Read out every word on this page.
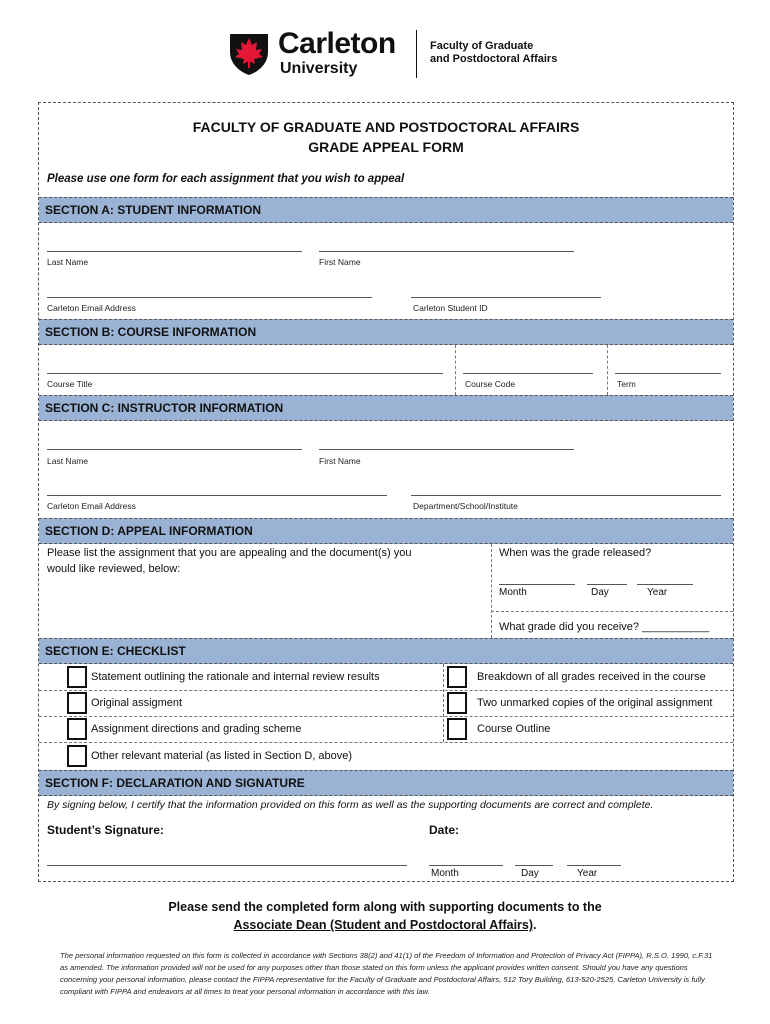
Carleton
University
Faculty of Graduate
and Postdoctoral Affairs
FACULTY OF GRADUATE AND POSTDOCTORAL AFFAIRS
GRADE APPEAL FORM
Please use one form for each assignment that you wish to appeal
SECTION A: STUDENT INFORMATION
Last Name	First Name
Carleton Email Address	Carleton Student ID
SECTION B: COURSE INFORMATION
Course Title	Course Code	Term
SECTION C: INSTRUCTOR INFORMATION
Last Name	First Name
Carleton Email Address	Department/School/Institute
SECTION D: APPEAL INFORMATION
Please list the assignment that you are appealing and the document(s) you
would like reviewed, below:
When was the grade released?
Month	Day	Year
What grade did you receive? ___________
SECTION E: CHECKLIST
Statement outlining the rationale and internal review results	Breakdown of all grades received in the course
Original assigment	Two unmarked copies of the original assignment
Assignment directions and grading scheme	Course Outline
Other relevant material (as listed in Section D, above)
SECTION F: DECLARATION AND SIGNATURE
By signing below, I certify that the information provided on this form as well as the supporting documents are correct and complete.
Student’s Signature:	Date:
Month	Day	Year
Please send the completed form along with supporting documents to the
Associate Dean (Student and Postdoctoral Affairs).
The personal information requested on this form is collected in accordance with Sections 38(2) and 41(1) of the Freedom of Information and Protection of Privacy Act (FIPPA), R.S.O. 1990, c.F.31 as amended. The information provided will not be used for any purposes other than those stated on this form unless the applicant provides written consent. Should you have any questions concerning your personal information, please contact the FIPPA representative for the Faculty of Graduate and Postdoctoral Affairs, 512 Tory Building, 613-520-2525. Carleton University is fully compliant with FIPPA and endeavors at all times to treat your personal information in accordance with this law.
